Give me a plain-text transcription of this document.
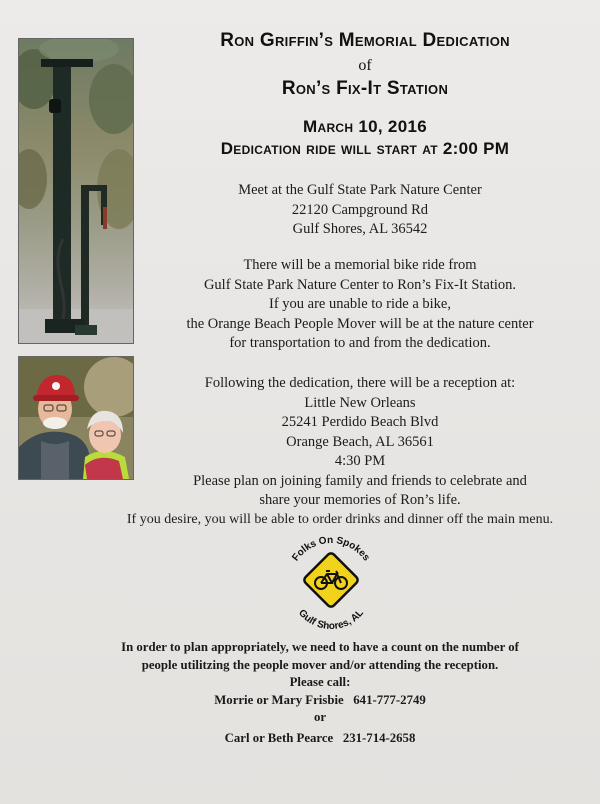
Ron Griffin’s Memorial Dedication
of
Ron’s Fix-It Station
March 10, 2016
Dedication ride will start at 2:00 PM
Meet at the Gulf State Park Nature Center
22120 Campground Rd
Gulf Shores, AL 36542
There will be a memorial bike ride from
Gulf State Park Nature Center to Ron’s Fix-It Station.
If you are unable to ride a bike,
the Orange Beach People Mover will be at the nature center
for transportation to and from the dedication.
Following the dedication, there will be a reception at:
Little New Orleans
25241 Perdido Beach Blvd
Orange Beach, AL 36561
4:30 PM
Please plan on joining family and friends to celebrate and
share your memories of Ron’s life.
If you desire, you will be able to order drinks and dinner off the main menu.
Folks On Spokes
Gulf Shores, AL
In order to plan appropriately, we need to have a count on the number of
people utilitzing the people mover and/or attending the reception.
Please call:
Morrie or Mary Frisbie   641-777-2749
or
Carl or Beth Pearce   231-714-2658
